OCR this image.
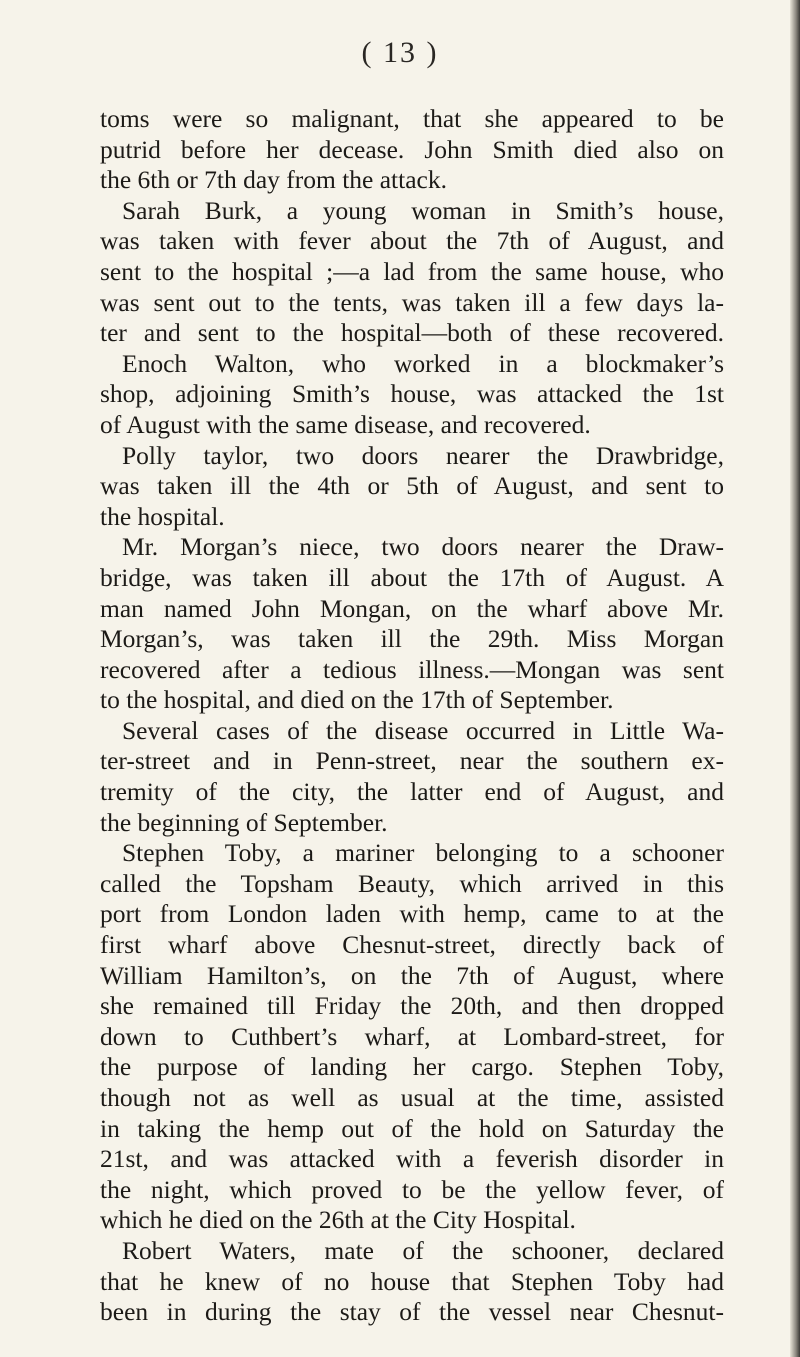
( 13 )
toms were so malignant, that she appeared to be
putrid before her decease. John Smith died also on
the 6th or 7th day from the attack.
Sarah Burk, a young woman in Smith’s house,
was taken with fever about the 7th of August, and
sent to the hospital ;—a lad from the same house, who
was sent out to the tents, was taken ill a few days la-
ter and sent to the hospital—both of these recovered.
Enoch Walton, who worked in a blockmaker’s
shop, adjoining Smith’s house, was attacked the 1st
of August with the same disease, and recovered.
Polly taylor, two doors nearer the Drawbridge,
was taken ill the 4th or 5th of August, and sent to
the hospital.
Mr. Morgan’s niece, two doors nearer the Draw-
bridge, was taken ill about the 17th of August. A
man named John Mongan, on the wharf above Mr.
Morgan’s, was taken ill the 29th. Miss Morgan
recovered after a tedious illness.—Mongan was sent
to the hospital, and died on the 17th of September.
Several cases of the disease occurred in Little Wa-
ter-street and in Penn-street, near the southern ex-
tremity of the city, the latter end of August, and
the beginning of September.
Stephen Toby, a mariner belonging to a schooner
called the Topsham Beauty, which arrived in this
port from London laden with hemp, came to at the
first wharf above Chesnut-street, directly back of
William Hamilton’s, on the 7th of August, where
she remained till Friday the 20th, and then dropped
down to Cuthbert’s wharf, at Lombard-street, for
the purpose of landing her cargo. Stephen Toby,
though not as well as usual at the time, assisted
in taking the hemp out of the hold on Saturday the
21st, and was attacked with a feverish disorder in
the night, which proved to be the yellow fever, of
which he died on the 26th at the City Hospital.
Robert Waters, mate of the schooner, declared
that he knew of no house that Stephen Toby had
been in during the stay of the vessel near Chesnut-
